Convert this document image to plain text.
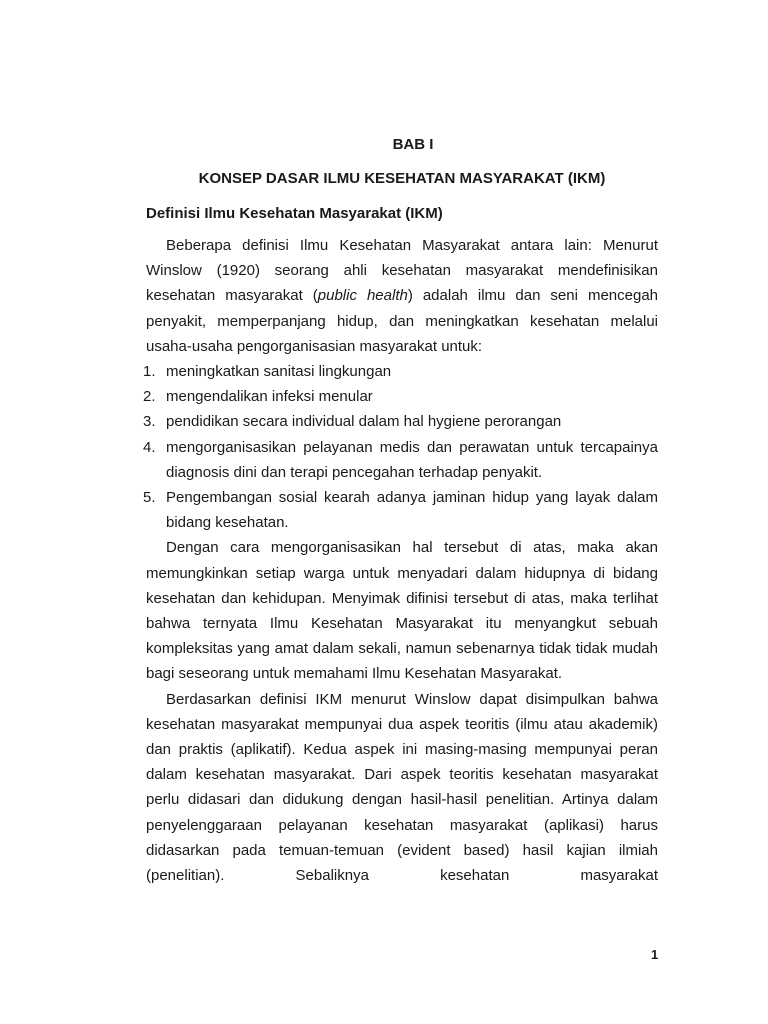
BAB I
KONSEP DASAR ILMU KESEHATAN MASYARAKAT (IKM)
Definisi Ilmu Kesehatan Masyarakat (IKM)

Beberapa definisi Ilmu Kesehatan Masyarakat antara lain: Menurut Winslow (1920) seorang ahli kesehatan masyarakat mendefinisikan kesehatan masyarakat (public health) adalah ilmu dan seni mencegah penyakit, memperpanjang hidup, dan meningkatkan kesehatan melalui usaha-usaha pengorganisasian masyarakat untuk:

1. meningkatkan sanitasi lingkungan
2. mengendalikan infeksi menular
3. pendidikan secara individual dalam hal hygiene perorangan
4. mengorganisasikan pelayanan medis dan perawatan untuk tercapainya diagnosis dini dan terapi pencegahan terhadap penyakit.
5. Pengembangan sosial kearah adanya jaminan hidup yang layak dalam bidang kesehatan.

Dengan cara mengorganisasikan hal tersebut di atas, maka akan memungkinkan setiap warga untuk menyadari dalam hidupnya di bidang kesehatan dan kehidupan. Menyimak difinisi tersebut di atas, maka terlihat bahwa ternyata Ilmu Kesehatan Masyarakat itu menyangkut sebuah kompleksitas yang amat dalam sekali, namun sebenarnya tidak tidak mudah bagi seseorang untuk memahami Ilmu Kesehatan Masyarakat.

Berdasarkan definisi IKM menurut Winslow dapat disimpulkan bahwa kesehatan masyarakat mempunyai dua aspek teoritis (ilmu atau akademik) dan praktis (aplikatif). Kedua aspek ini masing-masing mempunyai peran dalam kesehatan masyarakat. Dari aspek teoritis kesehatan masyarakat perlu didasari dan didukung dengan hasil-hasil penelitian. Artinya dalam penyelenggaraan pelayanan kesehatan masyarakat (aplikasi) harus didasarkan pada temuan-temuan (evident based) hasil kajian ilmiah (penelitian). Sebaliknya kesehatan masyarakat

1
